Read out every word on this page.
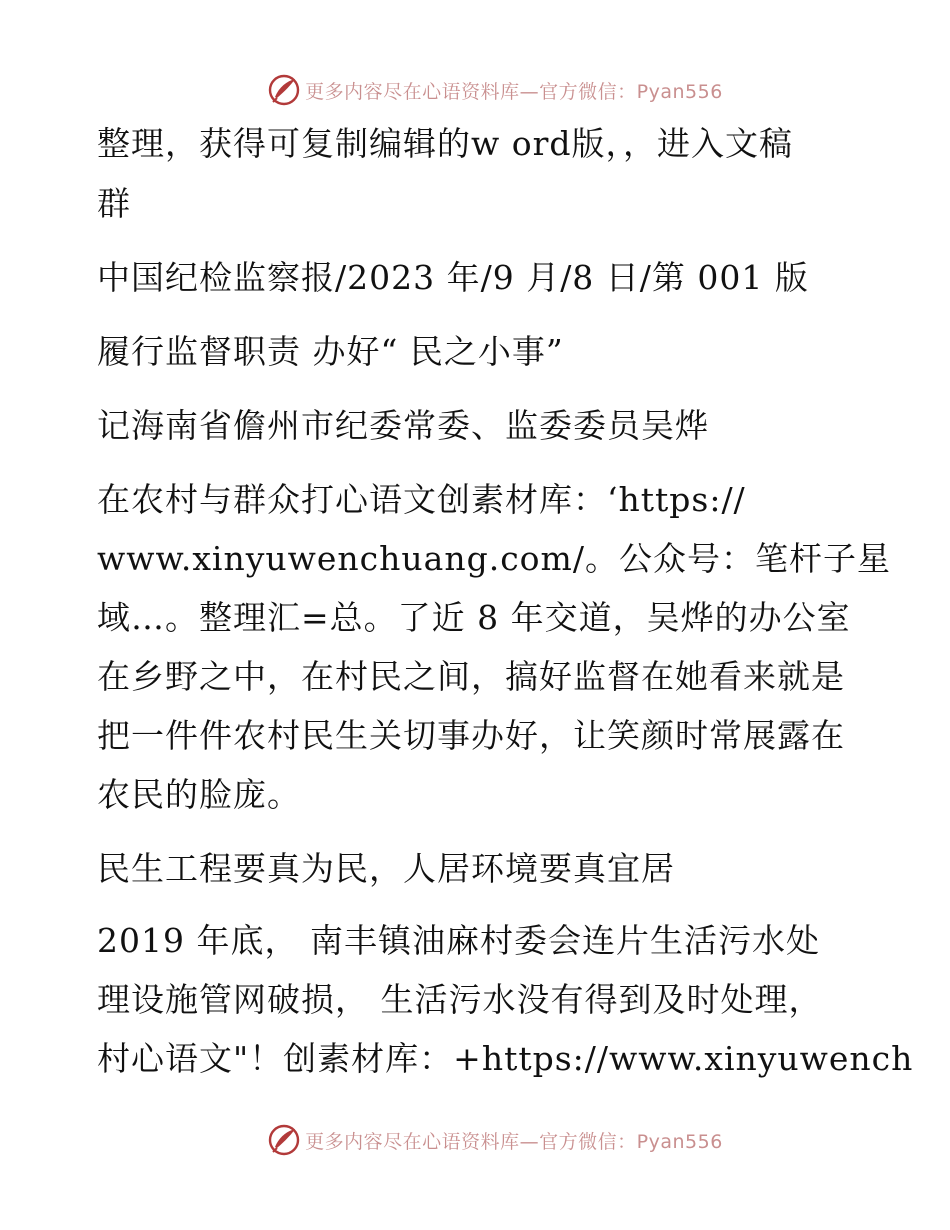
更多内容尽在心语资料库—官方微信：Pyan556
整理，获得可复制编辑的w ord版，，进入文稿
群
中国纪检监察报/2023 年/9 月/8 日/第 001 版
履行监督职责 办好“ 民之小事”
记海南省儋州市纪委常委、监委委员吴烨
在农村与群众打心语文创素材库：‘https://
www.xinyuwenchuang.com/。公众号：笔杆子星
域…。整理汇=总。了近 8 年交道，吴烨的办公室
在乡野之中，在村民之间，搞好监督在她看来就是
把一件件农村民生关切事办好，让笑颜时常展露在
农民的脸庞。
民生工程要真为民，人居环境要真宜居
2019 年底， 南丰镇油麻村委会连片生活污水处
理设施管网破损， 生活污水没有得到及时处理，
村心语文"！创素材库：+https://www.xinyuwench
更多内容尽在心语资料库—官方微信：Pyan556
